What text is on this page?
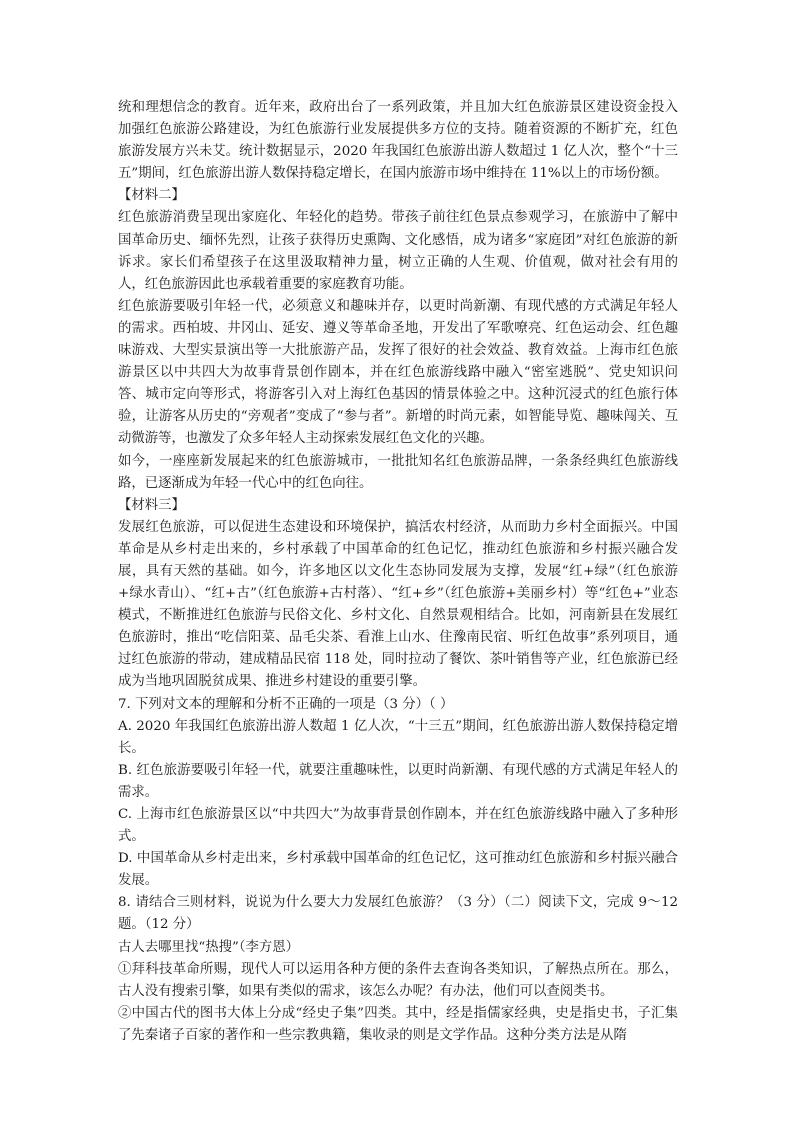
统和理想信念的教育。近年来，政府出台了一系列政策，并且加大红色旅游景区建设资金投入加强红色旅游公路建设，为红色旅游行业发展提供多方位的支持。随着资源的不断扩充，红色旅游发展方兴未艾。统计数据显示，2020 年我国红色旅游出游人数超过 1 亿人次，整个“十三五”期间，红色旅游出游人数保持稳定增长，在国内旅游市场中维持在 11%以上的市场份额。

【材料二】

红色旅游消费呈现出家庭化、年轻化的趋势。带孩子前往红色景点参观学习，在旅游中了解中国革命历史、缅怀先烈，让孩子获得历史熏陶、文化感悟，成为诸多“家庭团”对红色旅游的新诉求。家长们希望孩子在这里汲取精神力量，树立正确的人生观、价值观，做对社会有用的人，红色旅游因此也承载着重要的家庭教育功能。

红色旅游要吸引年轻一代，必须意义和趣味并存，以更时尚新潮、有现代感的方式满足年轻人的需求。西柏坡、井冈山、延安、遵义等革命圣地，开发出了军歌嘹亮、红色运动会、红色趣味游戏、大型实景演出等一大批旅游产品，发挥了很好的社会效益、教育效益。上海市红色旅游景区以中共四大为故事背景创作剧本，并在红色旅游线路中融入“密室逃脱”、党史知识问答、城市定向等形式，将游客引入对上海红色基因的情景体验之中。这种沉浸式的红色旅行体验，让游客从历史的“旁观者”变成了“参与者”。新增的时尚元素，如智能导览、趣味闯关、互动微游等，也激发了众多年轻人主动探索发展红色文化的兴趣。

如今，一座座新发展起来的红色旅游城市，一批批知名红色旅游品牌，一条条经典红色旅游线路，已逐渐成为年轻一代心中的红色向往。

【材料三】

发展红色旅游，可以促进生态建设和环境保护，搞活农村经济，从而助力乡村全面振兴。中国革命是从乡村走出来的，乡村承载了中国革命的红色记忆，推动红色旅游和乡村振兴融合发展，具有天然的基础。如今，许多地区以文化生态协同发展为支撑，发展“红+绿”（红色旅游+绿水青山）、“红+古”（红色旅游+古村落）、“红+乡”（红色旅游+美丽乡村）等“红色+”业态模式，不断推进红色旅游与民俗文化、乡村文化、自然景观相结合。比如，河南新县在发展红色旅游时，推出“吃信阳菜、品毛尖茶、看淮上山水、住豫南民宿、听红色故事”系列项目，通过红色旅游的带动，建成精品民宿 118 处，同时拉动了餐饮、茶叶销售等产业，红色旅游已经成为当地巩固脱贫成果、推进乡村建设的重要引擎。

7. 下列对文本的理解和分析不正确的一项是（3 分）（ ）

A. 2020 年我国红色旅游出游人数超 1 亿人次，“十三五”期间，红色旅游出游人数保持稳定增长。

B. 红色旅游要吸引年轻一代，就要注重趣味性，以更时尚新潮、有现代感的方式满足年轻人的需求。

C. 上海市红色旅游景区以“中共四大”为故事背景创作剧本，并在红色旅游线路中融入了多种形式。

D. 中国革命从乡村走出来，乡村承载中国革命的红色记忆，这可推动红色旅游和乡村振兴融合发展。

8. 请结合三则材料，说说为什么要大力发展红色旅游？（3 分）（二）阅读下文，完成 9～12 题。（12 分）

古人去哪里找“热搜”（李方恩）

①拜科技革命所赐，现代人可以运用各种方便的条件去查询各类知识，了解热点所在。那么，古人没有搜索引擎，如果有类似的需求，该怎么办呢？有办法，他们可以查阅类书。

②中国古代的图书大体上分成“经史子集”四类。其中，经是指儒家经典，史是指史书，子汇集了先秦诸子百家的著作和一些宗教典籍，集收录的则是文学作品。这种分类方法是从隋
